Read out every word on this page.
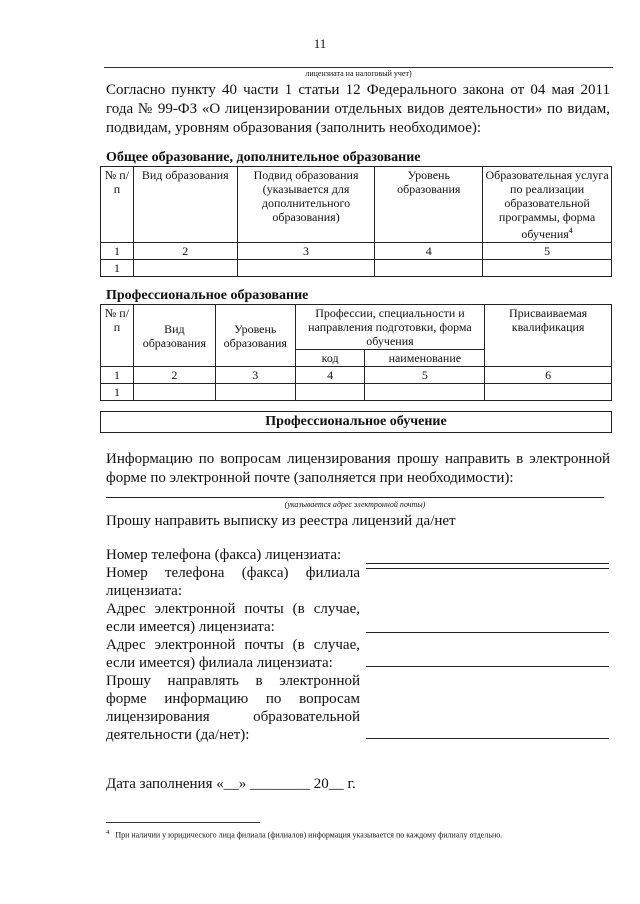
11
лицензиата на налоговый учет)
Согласно пункту 40 части 1 статьи 12 Федерального закона от 04 мая 2011 года № 99-ФЗ «О лицензировании отдельных видов деятельности» по видам, подвидам, уровням образования (заполнить необходимое):
Общее образование, дополнительное образование
№ п/п	Вид образования	Подвид образования (указывается для дополнительного образования)	Уровень образования	Образовательная услуга по реализации образовательной программы, форма обучения$^4$
1	2	3	4	5
1				
Профессиональное образование
№ п/п	Вид образования	Уровень образования	Профессии, специальности и направления подготовки, форма обучения		Присваиваемая квалификация
			код	наименование	
1	2	3	4	5	6
1					
Профессиональное обучение
Информацию по вопросам лицензирования прошу направить в электронной форме по электронной почте (заполняется при необходимости):
(указывается адрес электронной почты)
Прошу направить выписку из реестра лицензий да/нет
Номер телефона (факса) лицензиата:
Номер телефона (факса) филиала лицензиата:
Адрес электронной почты (в случае, если имеется) лицензиата:
Адрес электронной почты (в случае, если имеется) филиала лицензиата:
Прошу направлять в электронной форме информацию по вопросам лицензирования образовательной деятельности (да/нет):
Дата заполнения «__» ________ 20__ г.
$^4$ При наличии у юридического лица филиала (филиалов) информация указывается по каждому филиалу отдельно.
